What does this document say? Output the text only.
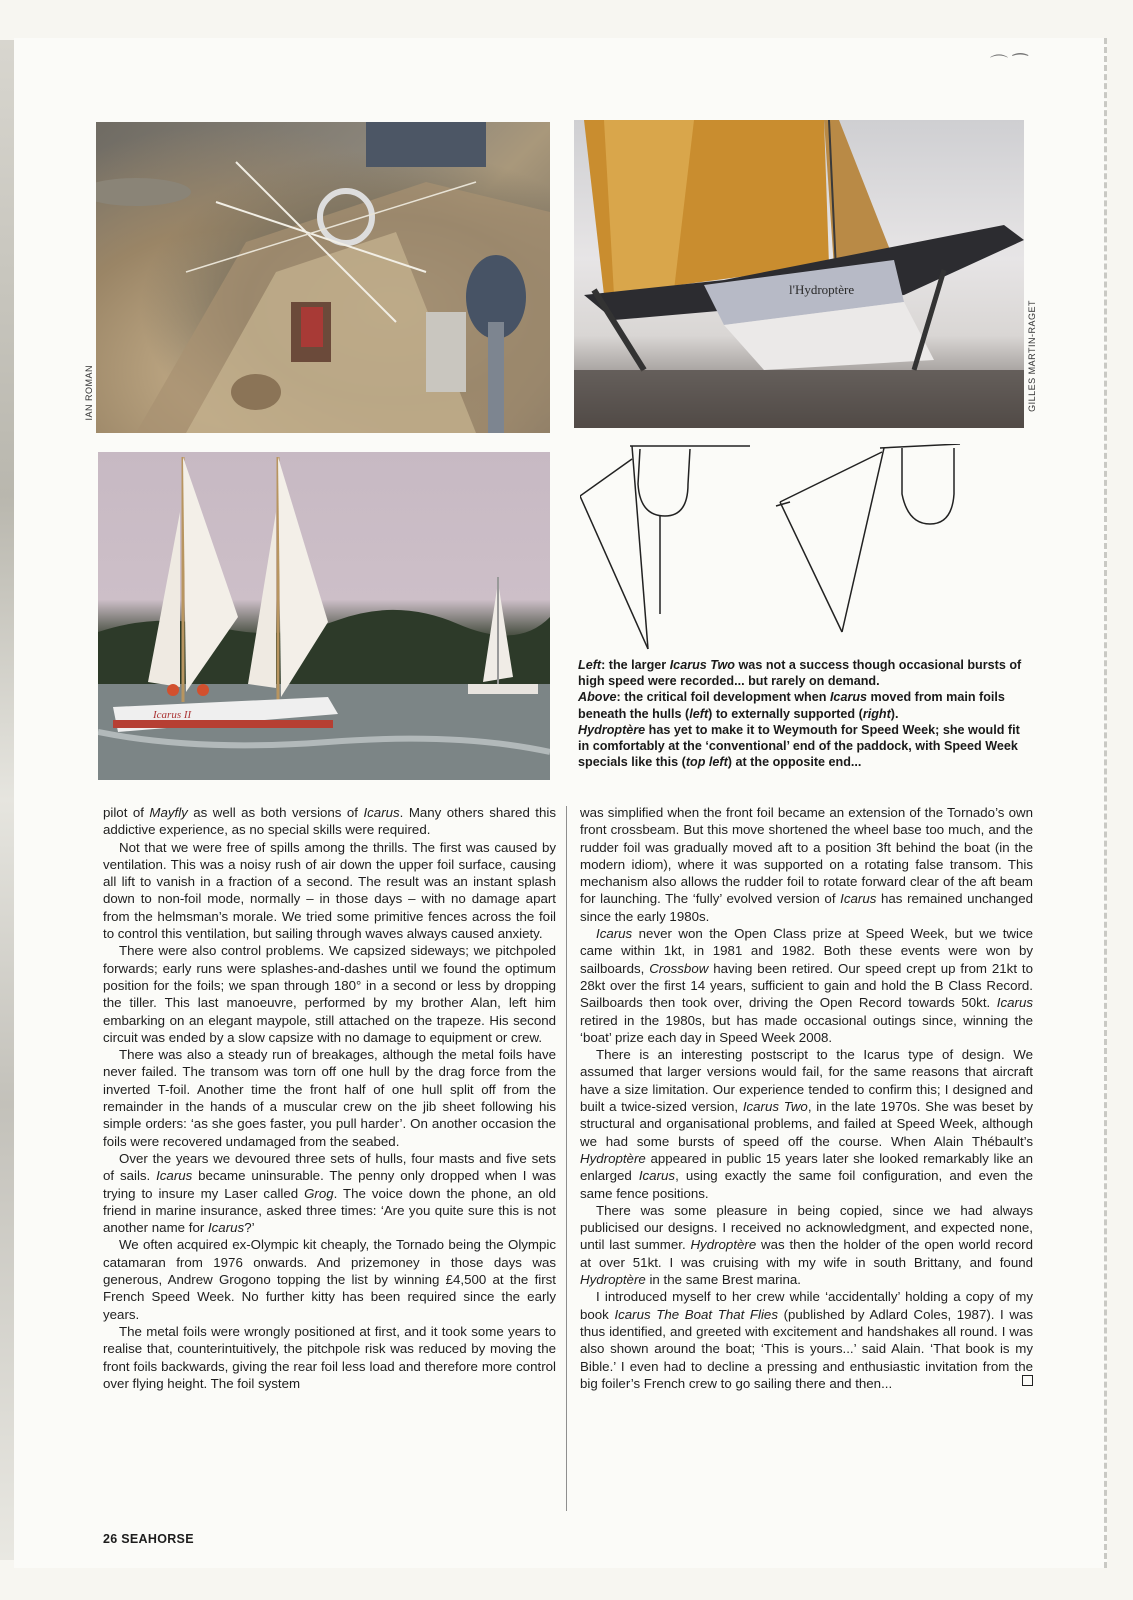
⌒ ⁀
IAN ROMAN
l'Hydroptère
GILLES MARTIN-RAGET
Icarus II
Left: the larger Icarus Two was not a success though occasional bursts of high speed were recorded... but rarely on demand.
Above: the critical foil development when Icarus moved from main foils beneath the hulls (left) to externally supported (right).
Hydroptère has yet to make it to Weymouth for Speed Week; she would fit in comfortably at the ‘conventional’ end of the paddock, with Speed Week specials like this (top left) at the opposite end...

pilot of Mayfly as well as both versions of Icarus. Many others shared this addictive experience, as no special skills were required.

Not that we were free of spills among the thrills. The first was caused by ventilation. This was a noisy rush of air down the upper foil surface, causing all lift to vanish in a fraction of a second. The result was an instant splash down to non-foil mode, normally – in those days – with no damage apart from the helmsman’s morale. We tried some primitive fences across the foil to control this ventilation, but sailing through waves always caused anxiety.

There were also control problems. We capsized sideways; we pitchpoled forwards; early runs were splashes-and-dashes until we found the optimum position for the foils; we span through 180° in a second or less by dropping the tiller. This last manoeuvre, performed by my brother Alan, left him embarking on an elegant maypole, still attached on the trapeze. His second circuit was ended by a slow capsize with no damage to equipment or crew.

There was also a steady run of breakages, although the metal foils have never failed. The transom was torn off one hull by the drag force from the inverted T-foil. Another time the front half of one hull split off from the remainder in the hands of a muscular crew on the jib sheet following his simple orders: ‘as she goes faster, you pull harder’. On another occasion the foils were recovered undamaged from the seabed.

Over the years we devoured three sets of hulls, four masts and five sets of sails. Icarus became uninsurable. The penny only dropped when I was trying to insure my Laser called Grog. The voice down the phone, an old friend in marine insurance, asked three times: ‘Are you quite sure this is not another name for Icarus?’

We often acquired ex-Olympic kit cheaply, the Tornado being the Olympic catamaran from 1976 onwards. And prizemoney in those days was generous, Andrew Grogono topping the list by winning £4,500 at the first French Speed Week. No further kitty has been required since the early years.

The metal foils were wrongly positioned at first, and it took some years to realise that, counterintuitively, the pitchpole risk was reduced by moving the front foils backwards, giving the rear foil less load and therefore more control over flying height. The foil system

was simplified when the front foil became an extension of the Tornado’s own front crossbeam. But this move shortened the wheel base too much, and the rudder foil was gradually moved aft to a position 3ft behind the boat (in the modern idiom), where it was supported on a rotating false transom. This mechanism also allows the rudder foil to rotate forward clear of the aft beam for launching. The ‘fully’ evolved version of Icarus has remained unchanged since the early 1980s.

Icarus never won the Open Class prize at Speed Week, but we twice came within 1kt, in 1981 and 1982. Both these events were won by sailboards, Crossbow having been retired. Our speed crept up from 21kt to 28kt over the first 14 years, sufficient to gain and hold the B Class Record. Sailboards then took over, driving the Open Record towards 50kt. Icarus retired in the 1980s, but has made occasional outings since, winning the ‘boat’ prize each day in Speed Week 2008.

There is an interesting postscript to the Icarus type of design. We assumed that larger versions would fail, for the same reasons that aircraft have a size limitation. Our experience tended to confirm this; I designed and built a twice-sized version, Icarus Two, in the late 1970s. She was beset by structural and organisational problems, and failed at Speed Week, although we had some bursts of speed off the course. When Alain Thébault’s Hydroptère appeared in public 15 years later she looked remarkably like an enlarged Icarus, using exactly the same foil configuration, and even the same fence positions.

There was some pleasure in being copied, since we had always publicised our designs. I received no acknowledgment, and expected none, until last summer. Hydroptère was then the holder of the open world record at over 51kt. I was cruising with my wife in south Brittany, and found Hydroptère in the same Brest marina.

I introduced myself to her crew while ‘accidentally’ holding a copy of my book Icarus The Boat That Flies (published by Adlard Coles, 1987). I was thus identified, and greeted with excitement and handshakes all round. I was also shown around the boat; ‘This is yours...’ said Alain. ‘That book is my Bible.’ I even had to decline a pressing and enthusiastic invitation from the big foiler’s French crew to go sailing there and then...

26 SEAHORSE
